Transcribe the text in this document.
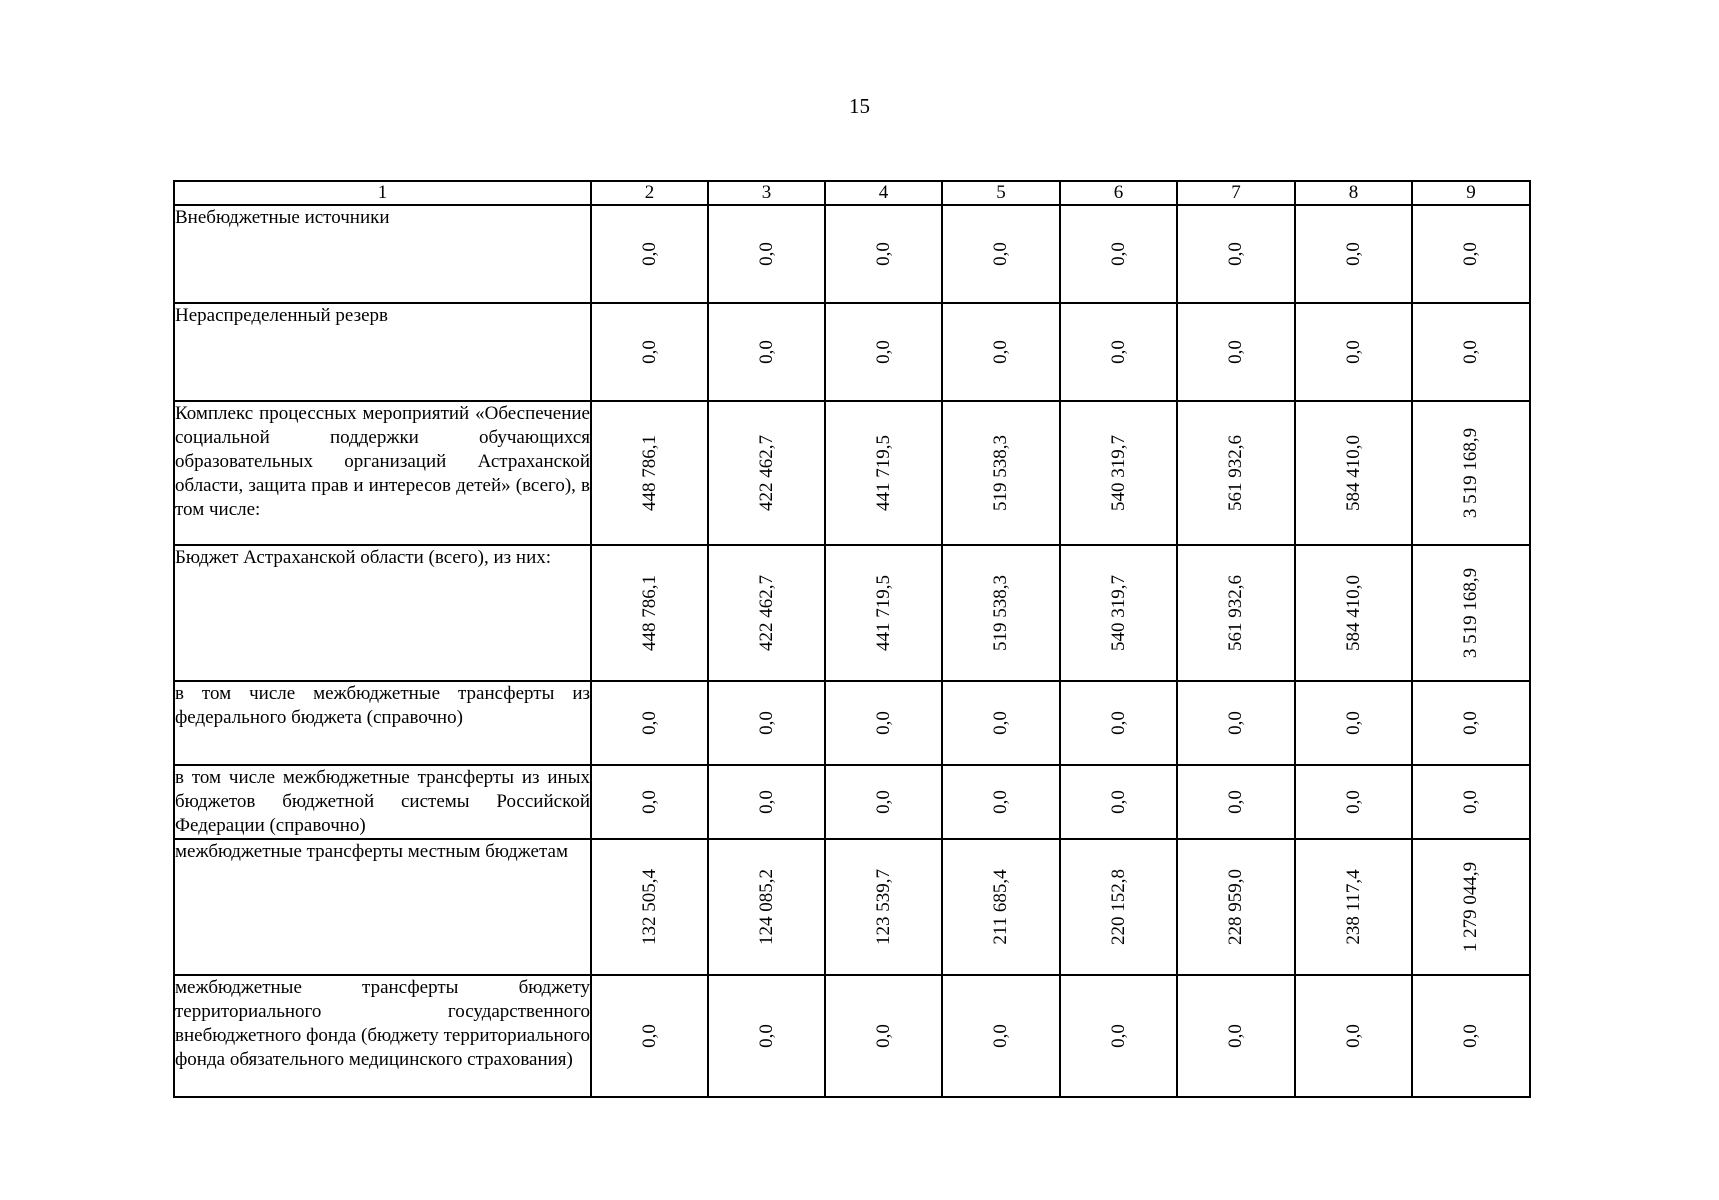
15
1	2	3	4	5	6	7	8	9
Внебюджетные источники	0,0	0,0	0,0	0,0	0,0	0,0	0,0	0,0

Нераспределенный резерв	0,0	0,0	0,0	0,0	0,0	0,0	0,0	0,0

Комплекс процессных мероприятий «Обеспечение социальной поддержки обучающихся образовательных организаций Астраханской области, защита прав и интересов детей» (всего), в том числе:	448 786,1	422 462,7	441 719,5	519 538,3	540 319,7	561 932,6	584 410,0	3 519 168,9

Бюджет Астраханской области (всего), из них:	448 786,1	422 462,7	441 719,5	519 538,3	540 319,7	561 932,6	584 410,0	3 519 168,9

в том числе межбюджетные трансферты из федерального бюджета (справочно)	0,0	0,0	0,0	0,0	0,0	0,0	0,0	0,0

в том числе межбюджетные трансферты из иных бюджетов бюджетной системы Российской Федерации (справочно)	0,0	0,0	0,0	0,0	0,0	0,0	0,0	0,0

межбюджетные трансферты местным бюджетам	132 505,4	124 085,2	123 539,7	211 685,4	220 152,8	228 959,0	238 117,4	1 279 044,9

межбюджетные трансферты бюджету территориального государственного внебюджетного фонда (бюджету территориального фонда обязательного медицинского страхования)	0,0	0,0	0,0	0,0	0,0	0,0	0,0	0,0
